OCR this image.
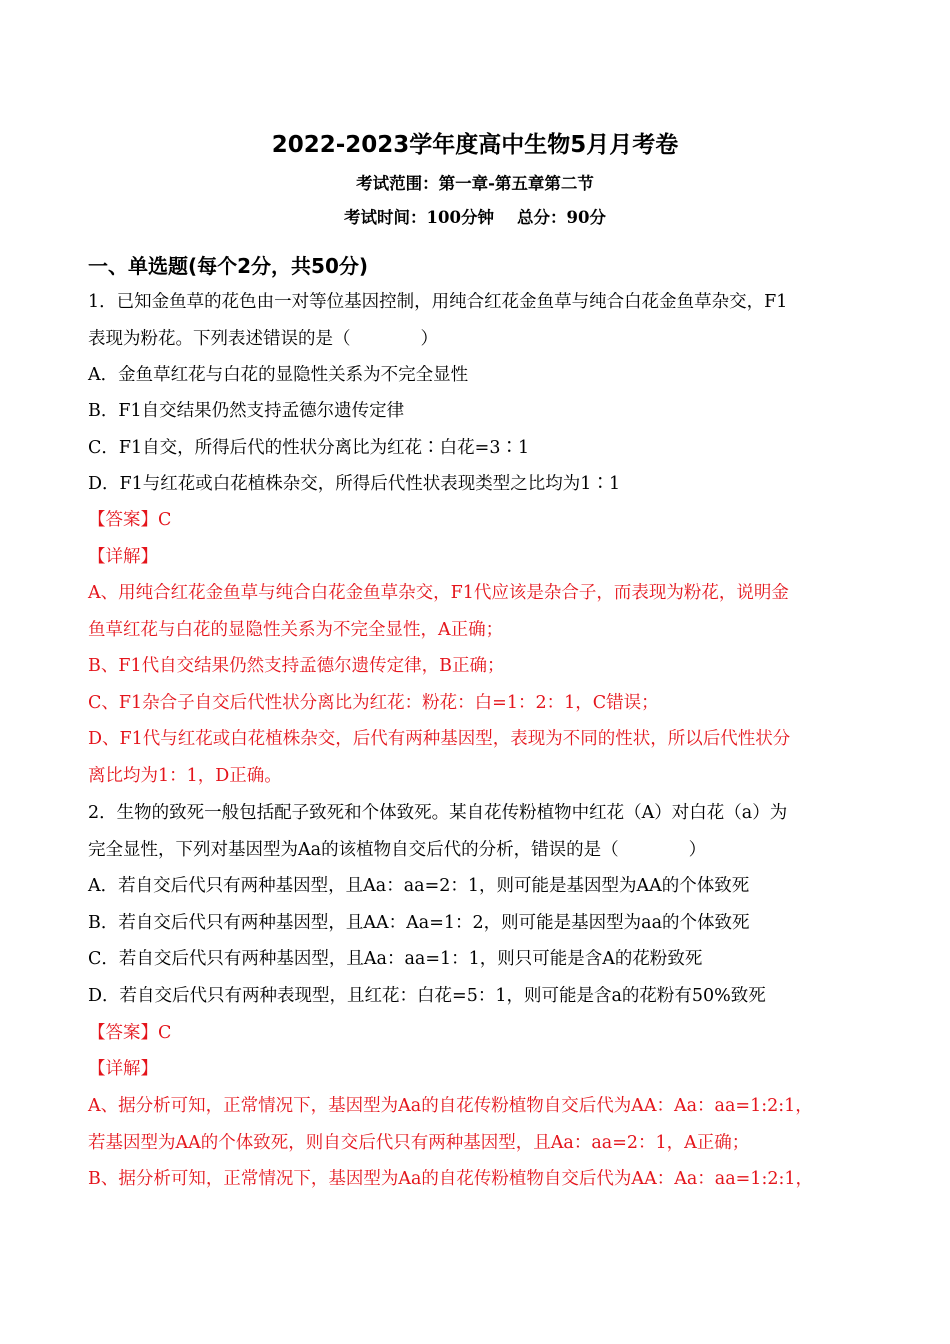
2022-2023学年度高中生物5月月考卷
考试范围：第一章-第五章第二节
考试时间：100分钟    总分：90分
一、单选题(每个2分，共50分)
1．已知金鱼草的花色由一对等位基因控制，用纯合红花金鱼草与纯合白花金鱼草杂交，F1
表现为粉花。下列表述错误的是（　　　　）
A．金鱼草红花与白花的显隐性关系为不完全显性
B．F1自交结果仍然支持孟德尔遗传定律
C．F1自交，所得后代的性状分离比为红花∶白花=3∶1
D．F1与红花或白花植株杂交，所得后代性状表现类型之比均为1∶1
【答案】C
【详解】
A、用纯合红花金鱼草与纯合白花金鱼草杂交，F1代应该是杂合子，而表现为粉花，说明金
鱼草红花与白花的显隐性关系为不完全显性，A正确；
B、F1代自交结果仍然支持孟德尔遗传定律，B正确；
C、F1杂合子自交后代性状分离比为红花：粉花：白=1：2：1，C错误；
D、F1代与红花或白花植株杂交，后代有两种基因型，表现为不同的性状，所以后代性状分
离比均为1：1，D正确。
2．生物的致死一般包括配子致死和个体致死。某自花传粉植物中红花（A）对白花（a）为
完全显性，下列对基因型为Aa的该植物自交后代的分析，错误的是（　　　　）
A．若自交后代只有两种基因型，且Aa：aa=2：1，则可能是基因型为AA的个体致死
B．若自交后代只有两种基因型，且AA：Aa=1：2，则可能是基因型为aa的个体致死
C．若自交后代只有两种基因型，且Aa：aa=1：1，则只可能是含A的花粉致死
D．若自交后代只有两种表现型，且红花：白花=5：1，则可能是含a的花粉有50%致死
【答案】C
【详解】
A、据分析可知，正常情况下，基因型为Aa的自花传粉植物自交后代为AA：Aa：aa=1:2:1，
若基因型为AA的个体致死，则自交后代只有两种基因型，且Aa：aa=2：1，A正确；
B、据分析可知，正常情况下，基因型为Aa的自花传粉植物自交后代为AA：Aa：aa=1:2:1，
